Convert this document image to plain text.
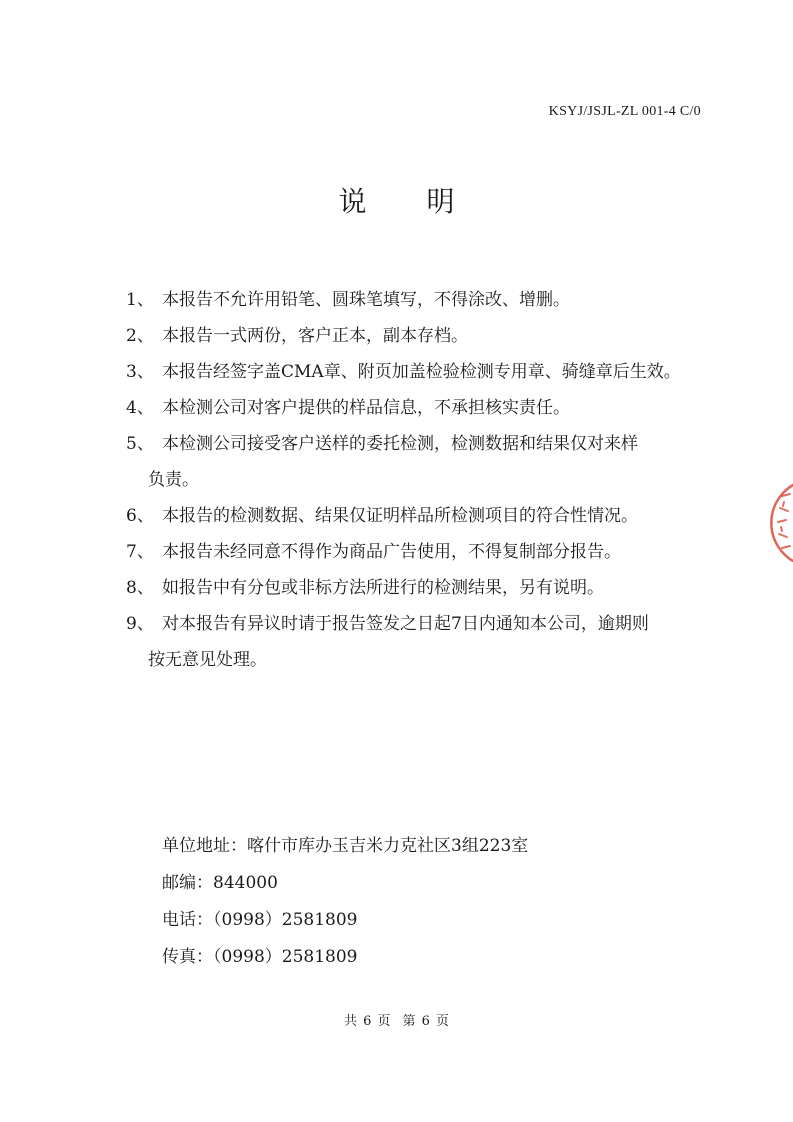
KSYJ/JSJL-ZL 001-4 C/0
说明
1、 本报告不允许用铅笔、圆珠笔填写，不得涂改、增删。
2、 本报告一式两份，客户正本，副本存档。
3、 本报告经签字盖CMA章、附页加盖检验检测专用章、骑缝章后生效。
4、 本检测公司对客户提供的样品信息，不承担核实责任。
5、 本检测公司接受客户送样的委托检测，检测数据和结果仅对来样
负责。
6、 本报告的检测数据、结果仅证明样品所检测项目的符合性情况。
7、 本报告未经同意不得作为商品广告使用，不得复制部分报告。
8、 如报告中有分包或非标方法所进行的检测结果，另有说明。
9、 对本报告有异议时请于报告签发之日起7日内通知本公司，逾期则
按无意见处理。
单位地址：喀什市库办玉吉米力克社区3组223室
邮编：844000
电话：（0998）2581809
传真：（0998）2581809
共 6 页 第 6 页
